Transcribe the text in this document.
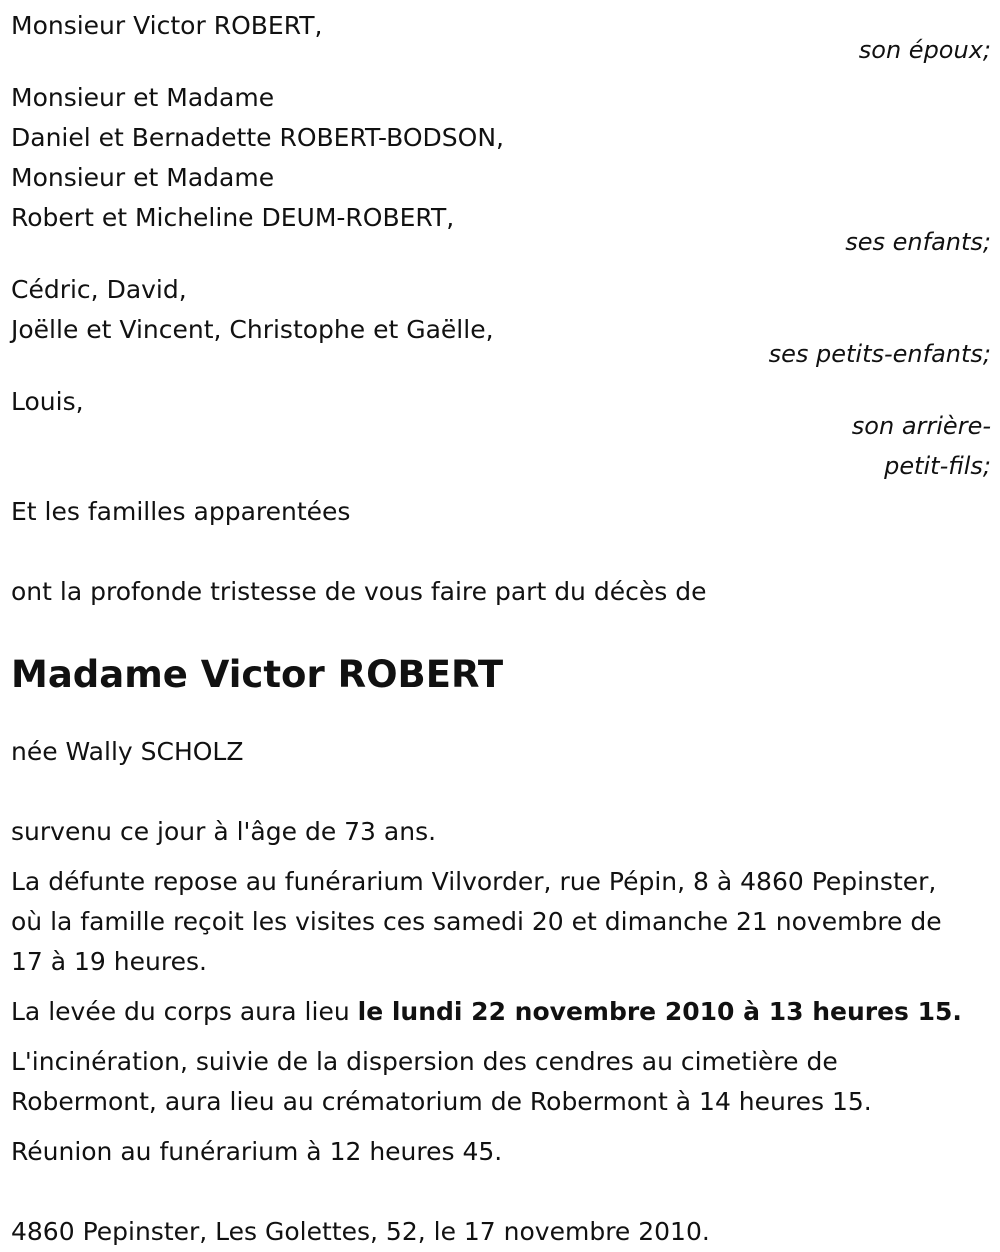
Monsieur Victor ROBERT,
son époux;
Monsieur et Madame
Daniel et Bernadette ROBERT-BODSON,
Monsieur et Madame
Robert et Micheline DEUM-ROBERT,
ses enfants;
Cédric, David,
Joëlle et Vincent, Christophe et Gaëlle,
ses petits-enfants;
Louis,
son arrière-
petit-fils;
Et les familles apparentées
ont la profonde tristesse de vous faire part du décès de
Madame Victor ROBERT
née Wally SCHOLZ
survenu ce jour à l'âge de 73 ans.
La défunte repose au funérarium Vilvorder, rue Pépin, 8 à 4860 Pepinster, où la famille reçoit les visites ces samedi 20 et dimanche 21 novembre de 17 à 19 heures.
La levée du corps aura lieu le lundi 22 novembre 2010 à 13 heures 15.
L'incinération, suivie de la dispersion des cendres au cimetière de Robermont, aura lieu au crématorium de Robermont à 14 heures 15.
Réunion au funérarium à 12 heures 45.
4860 Pepinster, Les Golettes, 52, le 17 novembre 2010.
